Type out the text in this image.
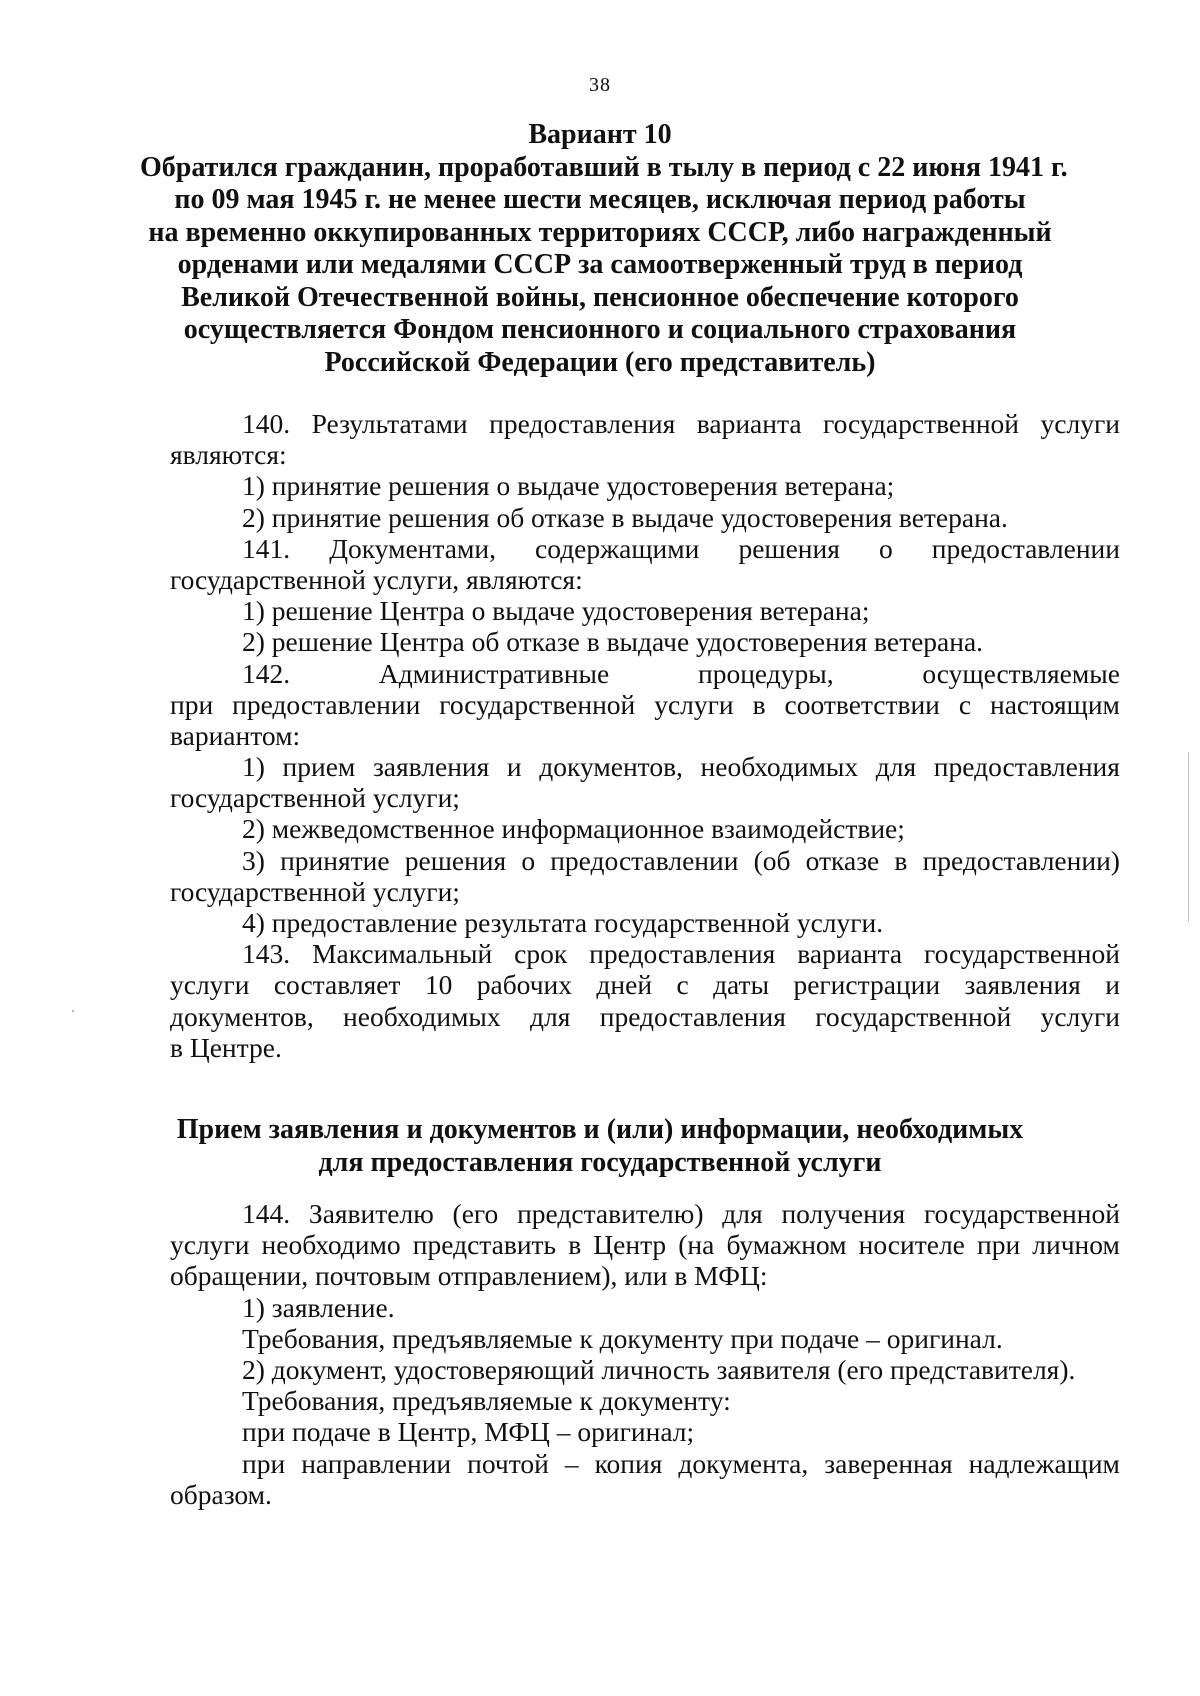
38
Вариант 10
Обратился гражданин, проработавший в тылу в период с 22 июня 1941 г.
по 09 мая 1945 г. не менее шести месяцев, исключая период работы
на временно оккупированных территориях СССР, либо награжденный
орденами или медалями СССР за самоотверженный труд в период
Великой Отечественной войны, пенсионное обеспечение которого
осуществляется Фондом пенсионного и социального страхования
Российской Федерации (его представитель)
140. Результатами предоставления варианта государственной услуги
являются:
1) принятие решения о выдаче удостоверения ветерана;
2) принятие решения об отказе в выдаче удостоверения ветерана.
141. Документами, содержащими решения о предоставлении
государственной услуги, являются:
1) решение Центра о выдаче удостоверения ветерана;
2) решение Центра об отказе в выдаче удостоверения ветерана.
142.	Административные	процедуры,	осуществляемые
при предоставлении государственной услуги в соответствии с настоящим
вариантом:
1) прием заявления и документов, необходимых для предоставления
государственной услуги;
2) межведомственное информационное взаимодействие;
3) принятие решения о предоставлении (об отказе в предоставлении)
государственной услуги;
4) предоставление результата государственной услуги.
143. Максимальный срок предоставления варианта государственной
услуги составляет 10 рабочих дней с даты регистрации заявления и
документов, необходимых для предоставления государственной услуги
в Центре.
Прием заявления и документов и (или) информации, необходимых
для предоставления государственной услуги
144. Заявителю (его представителю) для получения государственной
услуги необходимо представить в Центр (на бумажном носителе при личном
обращении, почтовым отправлением), или в МФЦ:
1) заявление.
Требования, предъявляемые к документу при подаче – оригинал.
2) документ, удостоверяющий личность заявителя (его представителя).
Требования, предъявляемые к документу:
при подаче в Центр, МФЦ – оригинал;
при направлении почтой – копия документа, заверенная надлежащим
образом.
